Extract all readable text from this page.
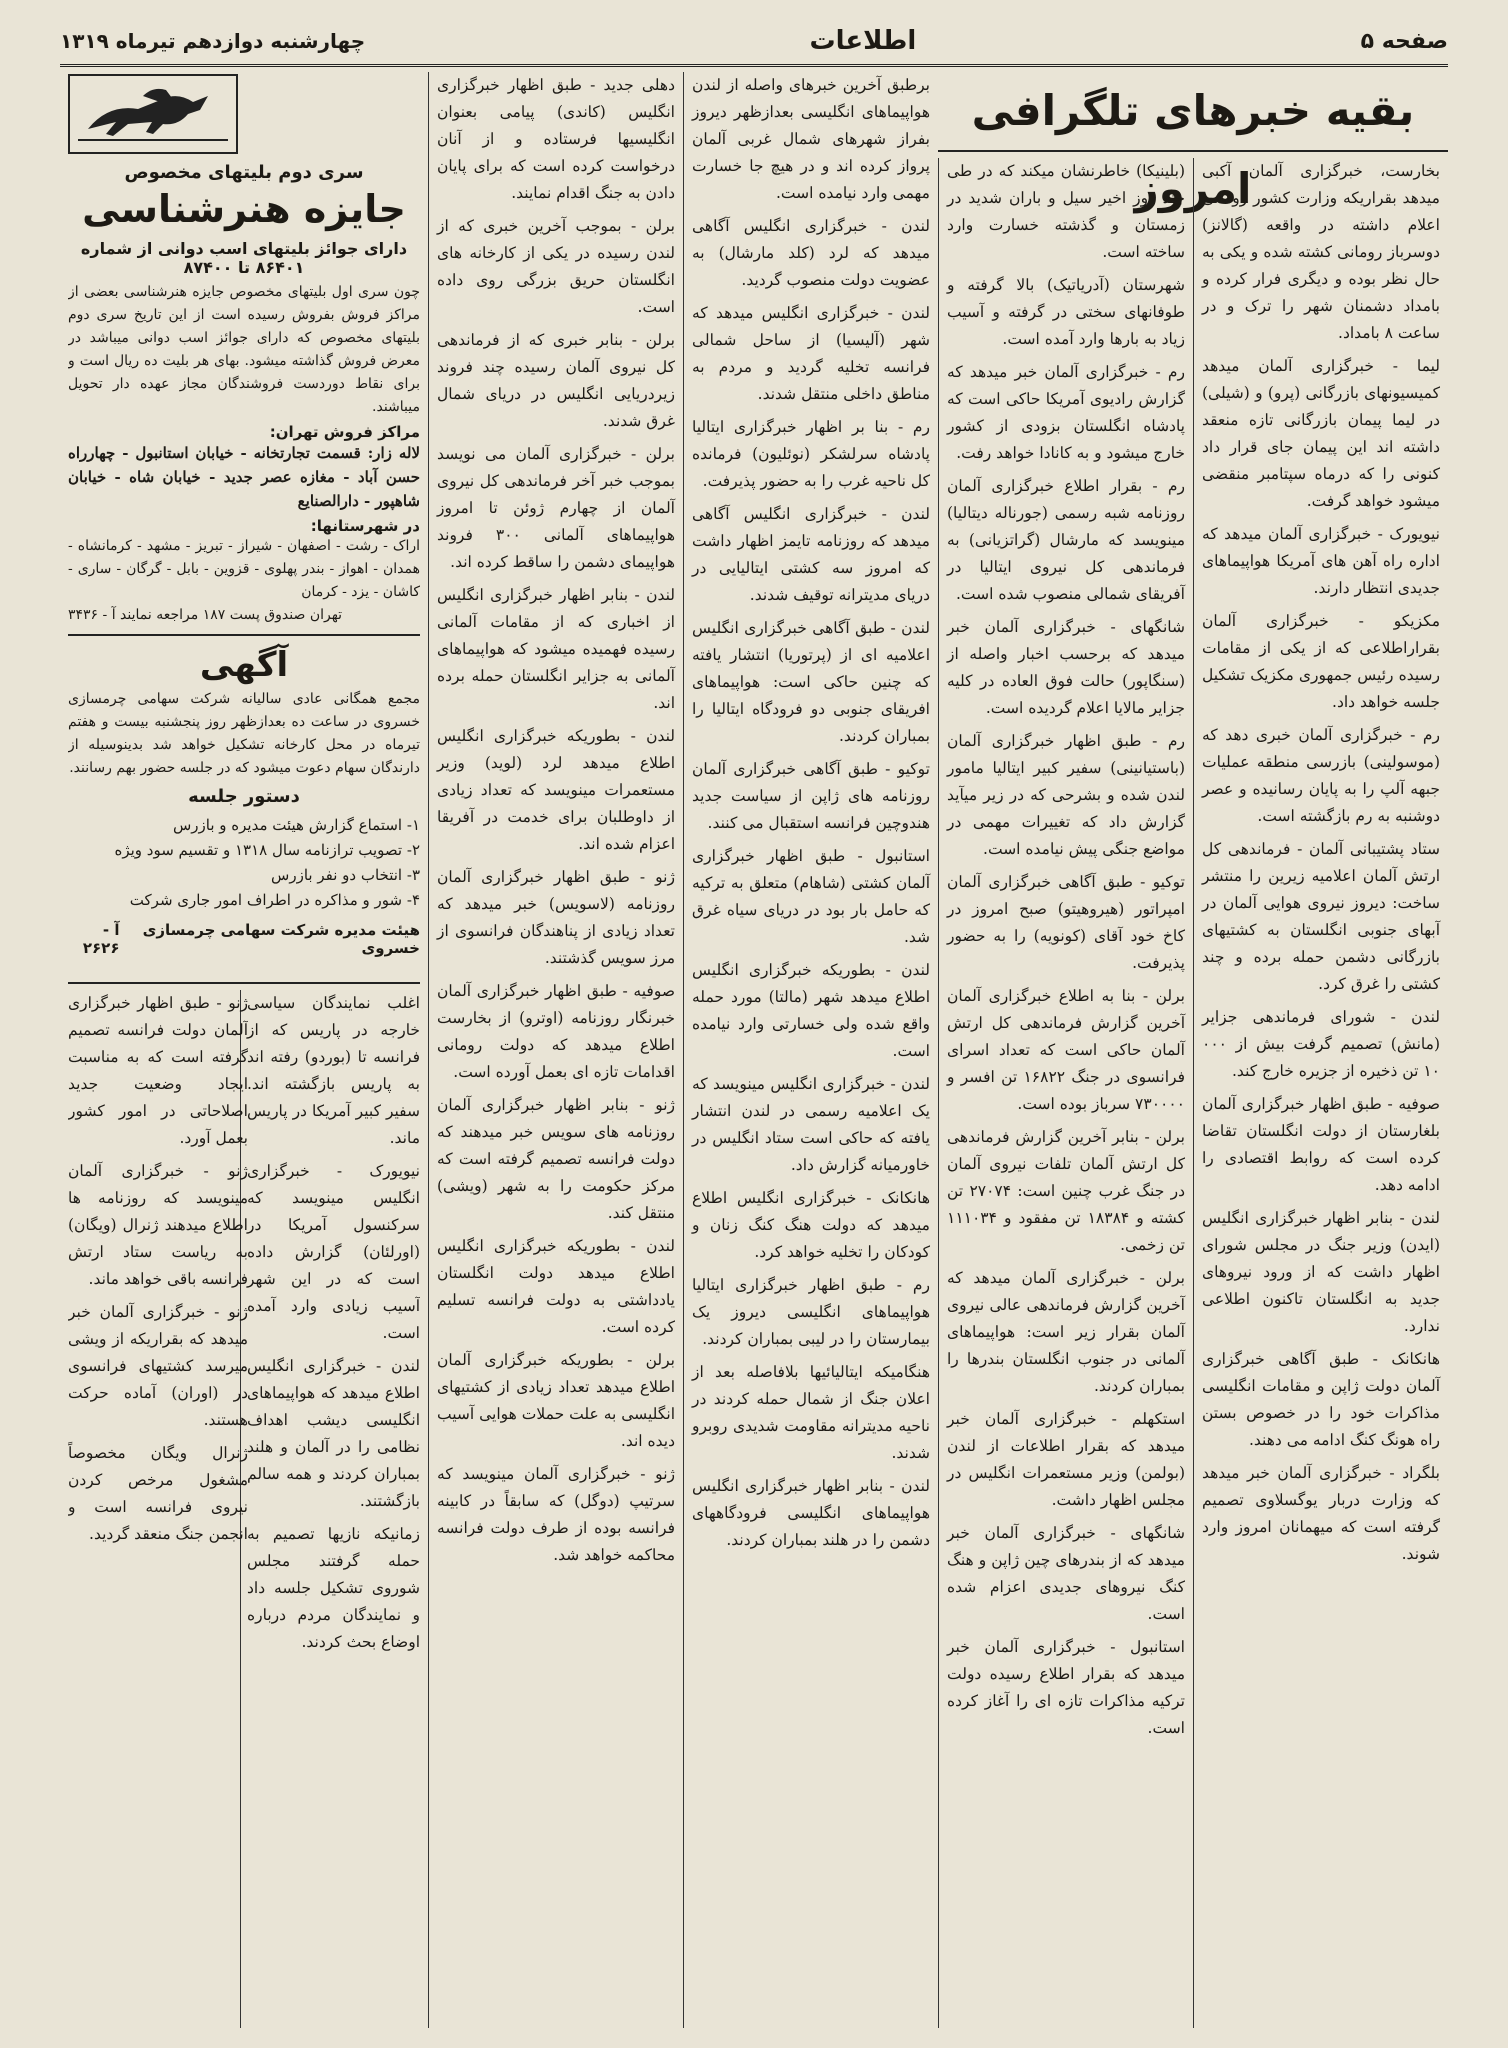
صفحه ۵
اطلاعات
چهارشنبه دوازدهم تیرماه ۱۳۱۹
بقیه خبرهای تلگرافی امروز

بخارست، خبرگزاری آلمان آکبی میدهد بقراریکه وزارت کشور رومانی اعلام داشته در واقعه (گالانز) دوسرباز رومانی کشته شده و یکی به حال نظر بوده و دیگری فرار کرده و بامداد دشمنان شهر را ترک و در ساعت ۸ بامداد.

لیما - خبرگزاری آلمان میدهد کمیسیونهای بازرگانی (پرو) و (شیلی) در لیما پیمان بازرگانی تازه منعقد داشته اند این پیمان جای قرار داد کنونی را که درماه سپتامبر منقضی میشود خواهد گرفت.

نیویورک - خبرگزاری آلمان میدهد که اداره راه آهن های آمریکا هواپیماهای جدیدی انتظار دارند.

مکزیکو - خبرگزاری آلمان بقراراطلاعی که از یکی از مقامات رسیده رئیس جمهوری مکزیک تشکیل جلسه خواهد داد.

رم - خبرگزاری آلمان خبری دهد که (موسولینی) بازرسی منطقه عملیات جبهه آلپ را به پایان رسانیده و عصر دوشنبه به رم بازگشته است.

ستاد پشتیبانی آلمان - فرماندهی کل ارتش آلمان اعلامیه زیرین را منتشر ساخت: دیروز نیروی هوایی آلمان در آبهای جنوبی انگلستان به کشتیهای بازرگانی دشمن حمله برده و چند کشتی را غرق کرد.

لندن - شورای فرماندهی جزایر (مانش) تصمیم گرفت بیش از ۰۰۰ ۱۰ تن ذخیره از جزیره خارج کند.

صوفیه - طبق اظهار خبرگزاری آلمان بلغارستان از دولت انگلستان تقاضا کرده است که روابط اقتصادی را ادامه دهد.

لندن - بنابر اظهار خبرگزاری انگلیس (ایدن) وزیر جنگ در مجلس شورای اظهار داشت که از ورود نیروهای جدید به انگلستان تاکنون اطلاعی ندارد.

هانکانک - طبق آگاهی خبرگزاری آلمان دولت ژاپن و مقامات انگلیسی مذاکرات خود را در خصوص بستن راه هونگ کنگ ادامه می دهند.

بلگراد - خبرگزاری آلمان خبر میدهد که وزارت دربار یوگسلاوی تصمیم گرفته است که میهمانان امروز وارد شوند.

(بلینیکا) خاطرنشان میکند که در طی چند روز اخیر سیل و باران شدید در زمستان و گذشته خسارت وارد ساخته است.

شهرستان (آدریاتیک) بالا گرفته و طوفانهای سختی در گرفته و آسیب زیاد به بارها وارد آمده است.

رم - خبرگزاری آلمان خبر میدهد که گزارش رادیوی آمریکا حاکی است که پادشاه انگلستان بزودی از کشور خارج میشود و به کانادا خواهد رفت.

رم - بقرار اطلاع خبرگزاری آلمان روزنامه شبه رسمی (جورناله دیتالیا) مینویسد که مارشال (گراتزیانی) به فرماندهی کل نیروی ایتالیا در آفریقای شمالی منصوب شده است.

شانگهای - خبرگزاری آلمان خبر میدهد که برحسب اخبار واصله از (سنگاپور) حالت فوق العاده در کلیه جزایر مالایا اعلام گردیده است.

رم - طبق اظهار خبرگزاری آلمان (باستیانینی) سفیر کبیر ایتالیا مامور لندن شده و بشرحی که در زیر میآید گزارش داد که تغییرات مهمی در مواضع جنگی پیش نیامده است.

توکیو - طبق آگاهی خبرگزاری آلمان امپراتور (هیروهیتو) صبح امروز در کاخ خود آقای (کونویه) را به حضور پذیرفت.

برلن - بنا به اطلاع خبرگزاری آلمان آخرین گزارش فرماندهی کل ارتش آلمان حاکی است که تعداد اسرای فرانسوی در جنگ ۱۶۸۲۲ تن افسر و ۷۳۰۰۰۰ سرباز بوده است.

برلن - بنابر آخرین گزارش فرماندهی کل ارتش آلمان تلفات نیروی آلمان در جنگ غرب چنین است: ۲۷۰۷۴ تن کشته و ۱۸۳۸۴ تن مفقود و ۱۱۱۰۳۴ تن زخمی.

برلن - خبرگزاری آلمان میدهد که آخرین گزارش فرماندهی عالی نیروی آلمان بقرار زیر است: هواپیماهای آلمانی در جنوب انگلستان بندرها را بمباران کردند.

استکهلم - خبرگزاری آلمان خبر میدهد که بقرار اطلاعات از لندن (بولمن) وزیر مستعمرات انگلیس در مجلس اظهار داشت.

شانگهای - خبرگزاری آلمان خبر میدهد که از بندرهای چین ژاپن و هنگ کنگ نیروهای جدیدی اعزام شده است.

استانبول - خبرگزاری آلمان خبر میدهد که بقرار اطلاع رسیده دولت ترکیه مذاکرات تازه ای را آغاز کرده است.

برطبق آخرین خبرهای واصله از لندن هواپیماهای انگلیسی بعدازظهر دیروز بفراز شهرهای شمال غربی آلمان پرواز کرده اند و در هیچ جا خسارت مهمی وارد نیامده است.

لندن - خبرگزاری انگلیس آگاهی میدهد که لرد (کلد مارشال) به عضویت دولت منصوب گردید.

لندن - خبرگزاری انگلیس میدهد که شهر (آلیسیا) از ساحل شمالی فرانسه تخلیه گردید و مردم به مناطق داخلی منتقل شدند.

رم - بنا بر اظهار خبرگزاری ایتالیا پادشاه سرلشکر (نوئلیون) فرمانده کل ناحیه غرب را به حضور پذیرفت.

لندن - خبرگزاری انگلیس آگاهی میدهد که روزنامه تایمز اظهار داشت که امروز سه کشتی ایتالیایی در دریای مدیترانه توقیف شدند.

لندن - طبق آگاهی خبرگزاری انگلیس اعلامیه ای از (پرتوریا) انتشار یافته که چنین حاکی است: هواپیماهای افریقای جنوبی دو فرودگاه ایتالیا را بمباران کردند.

توکیو - طبق آگاهی خبرگزاری آلمان روزنامه های ژاپن از سیاست جدید هندوچین فرانسه استقبال می کنند.

استانبول - طبق اظهار خبرگزاری آلمان کشتی (شاهام) متعلق به ترکیه که حامل بار بود در دریای سیاه غرق شد.

لندن - بطوریکه خبرگزاری انگلیس اطلاع میدهد شهر (مالتا) مورد حمله واقع شده ولی خسارتی وارد نیامده است.

لندن - خبرگزاری انگلیس مینویسد که یک اعلامیه رسمی در لندن انتشار یافته که حاکی است ستاد انگلیس در خاورمیانه گزارش داد.

هانکانک - خبرگزاری انگلیس اطلاع میدهد که دولت هنگ کنگ زنان و کودکان را تخلیه خواهد کرد.

رم - طبق اظهار خبرگزاری ایتالیا هواپیماهای انگلیسی دیروز یک بیمارستان را در لیبی بمباران کردند.

هنگامیکه ایتالیائیها بلافاصله بعد از اعلان جنگ از شمال حمله کردند در ناحیه مدیترانه مقاومت شدیدی روبرو شدند.

لندن - بنابر اظهار خبرگزاری انگلیس هواپیماهای انگلیسی فرودگاههای دشمن را در هلند بمباران کردند.

دهلی جدید - طبق اظهار خبرگزاری انگلیس (کاندی) پیامی بعنوان انگلیسیها فرستاده و از آنان درخواست کرده است که برای پایان دادن به جنگ اقدام نمایند.

برلن - بموجب آخرین خبری که از لندن رسیده در یکی از کارخانه های انگلستان حریق بزرگی روی داده است.

برلن - بنابر خبری که از فرماندهی کل نیروی آلمان رسیده چند فروند زیردریایی انگلیس در دریای شمال غرق شدند.

برلن - خبرگزاری آلمان می نویسد بموجب خبر آخر فرماندهی کل نیروی آلمان از چهارم ژوئن تا امروز هواپیماهای آلمانی ۳۰۰ فروند هواپیمای دشمن را ساقط کرده اند.

لندن - بنابر اظهار خبرگزاری انگلیس از اخباری که از مقامات آلمانی رسیده فهمیده میشود که هواپیماهای آلمانی به جزایر انگلستان حمله برده اند.

لندن - بطوریکه خبرگزاری انگلیس اطلاع میدهد لرد (لوید) وزیر مستعمرات مینویسد که تعداد زیادی از داوطلبان برای خدمت در آفریقا اعزام شده اند.

ژنو - طبق اظهار خبرگزاری آلمان روزنامه (لاسویس) خبر میدهد که تعداد زیادی از پناهندگان فرانسوی از مرز سویس گذشتند.

صوفیه - طبق اظهار خبرگزاری آلمان خبرنگار روزنامه (اوترو) از بخارست اطلاع میدهد که دولت رومانی اقدامات تازه ای بعمل آورده است.

ژنو - بنابر اظهار خبرگزاری آلمان روزنامه های سویس خبر میدهند که دولت فرانسه تصمیم گرفته است که مرکز حکومت را به شهر (ویشی) منتقل کند.

لندن - بطوریکه خبرگزاری انگلیس اطلاع میدهد دولت انگلستان یادداشتی به دولت فرانسه تسلیم کرده است.

برلن - بطوریکه خبرگزاری آلمان اطلاع میدهد تعداد زیادی از کشتیهای انگلیسی به علت حملات هوایی آسیب دیده اند.

ژنو - خبرگزاری آلمان مینویسد که سرتیپ (دوگل) که سابقاً در کابینه فرانسه بوده از طرف دولت فرانسه محاکمه خواهد شد.

سری دوم بلیتهای مخصوص
جایزه هنرشناسی
دارای جوائز بلیتهای اسب دوانی از شماره ۸۶۴۰۱ تا ۸۷۴۰۰
چون سری اول بلیتهای مخصوص جایزه هنرشناسی بعضی از مراکز فروش بفروش رسیده است از این تاریخ سری دوم بلیتهای مخصوص که دارای جوائز اسب دوانی میباشد در معرض فروش گذاشته میشود. بهای هر بلیت ده ریال است و برای نقاط دوردست فروشندگان مجاز عهده دار تحویل میباشند.
مراکز فروش تهران:
لاله زار: قسمت تجارتخانه - خیابان استانبول - چهارراه حسن آباد - مغازه عصر جدید - خیابان شاه - خیابان شاهپور - دارالصنایع
در شهرستانها:
اراک - رشت - اصفهان - شیراز - تبریز - مشهد - کرمانشاه - همدان - اهواز - بندر پهلوی - قزوین - بابل - گرگان - ساری - کاشان - یزد - کرمان
تهران صندوق پست ۱۸۷ مراجعه نمایند آ - ۳۴۳۶
آگهی
مجمع همگانی عادی سالیانه شرکت سهامی چرمسازی خسروی در ساعت ده بعدازظهر روز پنجشنبه بیست و هفتم تیرماه در محل کارخانه تشکیل خواهد شد بدینوسیله از دارندگان سهام دعوت میشود که در جلسه حضور بهم رسانند.
دستور جلسه
۱- استماع گزارش هیئت مدیره و بازرس
۲- تصویب ترازنامه سال ۱۳۱۸ و تقسیم سود ویژه
۳- انتخاب دو نفر بازرس
۴- شور و مذاکره در اطراف امور جاری شرکت
هیئت مدیره شرکت سهامی چرمسازی خسروی
آ - ۲۶۲۶

اغلب نمایندگان سیاسی خارجه در پاریس که از فرانسه تا (بوردو) رفته اند به پاریس بازگشته اند. سفیر کبیر آمریکا در پاریس ماند.

نیویورک - خبرگزاری انگلیس مینویسد که سرکنسول آمریکا در (اورلئان) گزارش داده است که در این شهر آسیب زیادی وارد آمده است.

لندن - خبرگزاری انگلیس اطلاع میدهد که هواپیماهای انگلیسی دیشب اهداف نظامی را در آلمان و هلند بمباران کردند و همه سالم بازگشتند.

زمانیکه نازیها تصمیم به حمله گرفتند مجلس شوروی تشکیل جلسه داد و نمایندگان مردم درباره اوضاع بحث کردند.

ژنو - طبق اظهار خبرگزاری آلمان دولت فرانسه تصمیم گرفته است که به مناسبت ایجاد وضعیت جدید اصلاحاتی در امور کشور بعمل آورد.

ژنو - خبرگزاری آلمان مینویسد که روزنامه ها اطلاع میدهند ژنرال (ویگان) به ریاست ستاد ارتش فرانسه باقی خواهد ماند.

ژنو - خبرگزاری آلمان خبر میدهد که بقراریکه از ویشی میرسد کشتیهای فرانسوی در (اوران) آماده حرکت هستند.

ژنرال ویگان مخصوصاً مشغول مرخص کردن نیروی فرانسه است و انجمن جنگ منعقد گردید.
